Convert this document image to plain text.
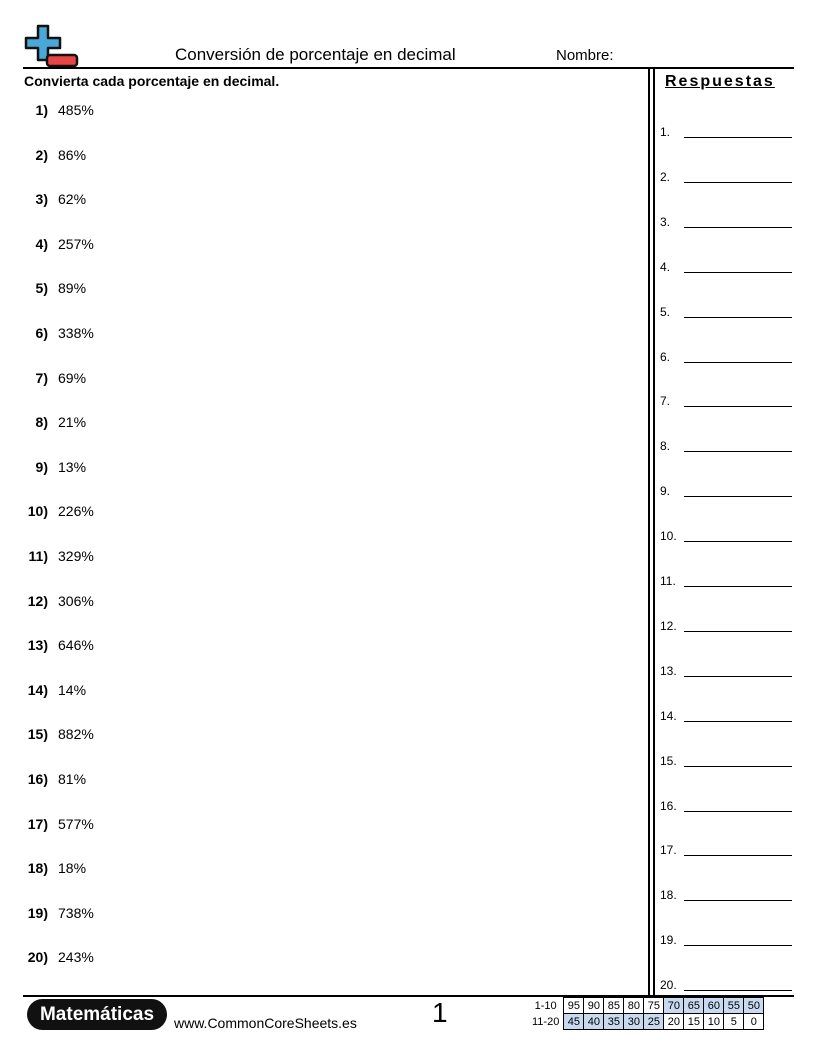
Conversión de porcentaje en decimal	Nombre:
Convierta cada porcentaje en decimal.
1) 485%
2) 86%
3) 62%
4) 257%
5) 89%
6) 338%
7) 69%
8) 21%
9) 13%
10) 226%
11) 329%
12) 306%
13) 646%
14) 14%
15) 882%
16) 81%
17) 577%
18) 18%
19) 738%
20) 243%
Respuestas
1.
2.
3.
4.
5.
6.
7.
8.
9.
10.
11.
12.
13.
14.
15.
16.
17.
18.
19.
20.
Matemáticas www.CommonCoreSheets.es	1	1-10	95	90	85	80	75	70	65	60	55	50
11-20	45	40	35	30	25	20	15	10	5	0
